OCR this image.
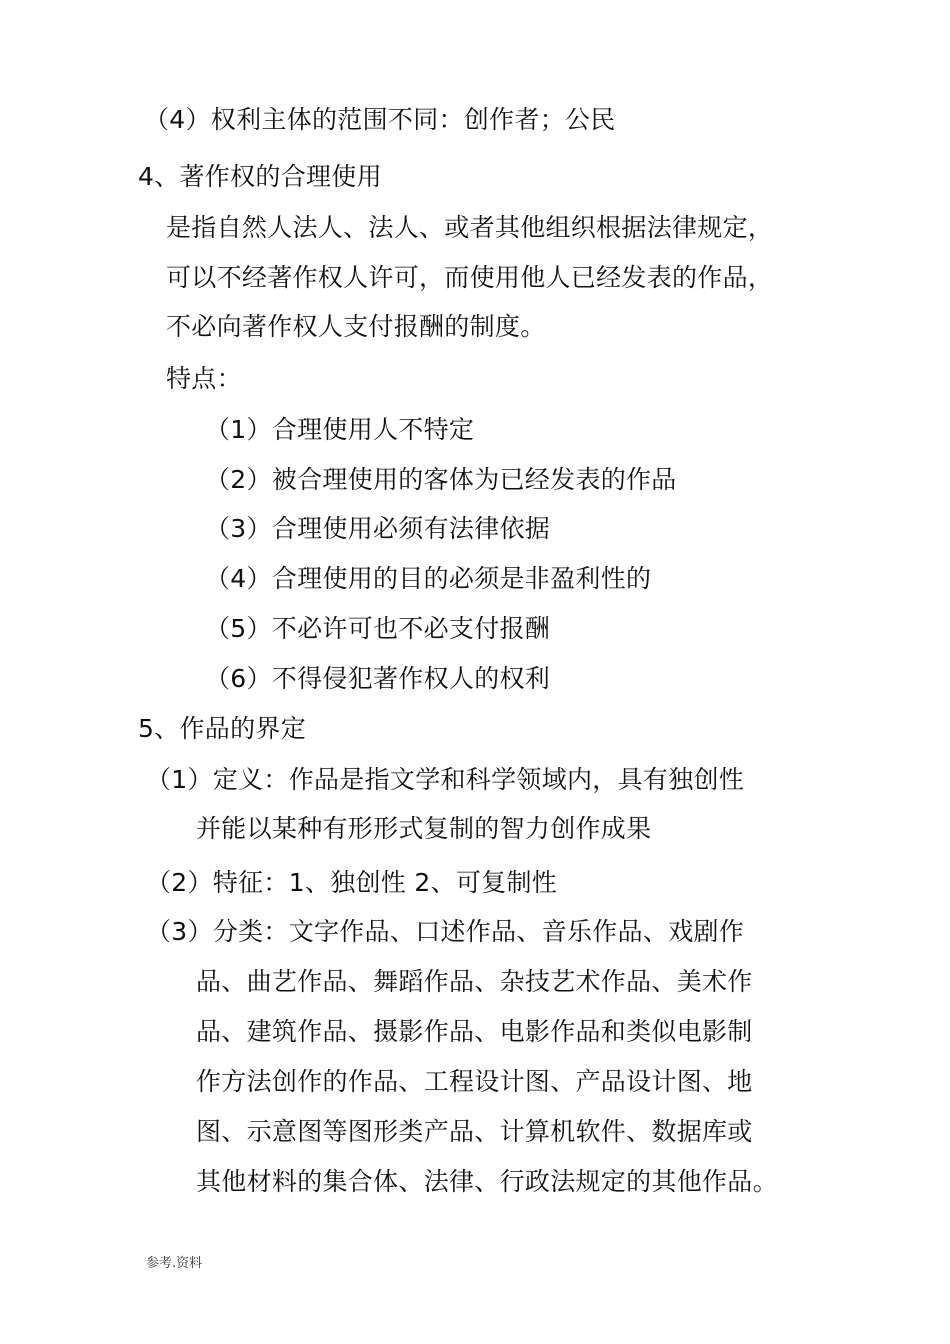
（4）权利主体的范围不同：创作者；公民
4、著作权的合理使用
是指自然人法人、法人、或者其他组织根据法律规定，
可以不经著作权人许可，而使用他人已经发表的作品，
不必向著作权人支付报酬的制度。
特点：
（1）合理使用人不特定
（2）被合理使用的客体为已经发表的作品
（3）合理使用必须有法律依据
（4）合理使用的目的必须是非盈利性的
（5）不必许可也不必支付报酬
（6）不得侵犯著作权人的权利
5、作品的界定
（1）定义：作品是指文学和科学领域内，具有独创性
并能以某种有形形式复制的智力创作成果
（2）特征：1、独创性 2、可复制性
（3）分类：文字作品、口述作品、音乐作品、戏剧作
品、曲艺作品、舞蹈作品、杂技艺术作品、美术作
品、建筑作品、摄影作品、电影作品和类似电影制
作方法创作的作品、工程设计图、产品设计图、地
图、示意图等图形类产品、计算机软件、数据库或
其他材料的集合体、法律、行政法规定的其他作品。
参考.资料
